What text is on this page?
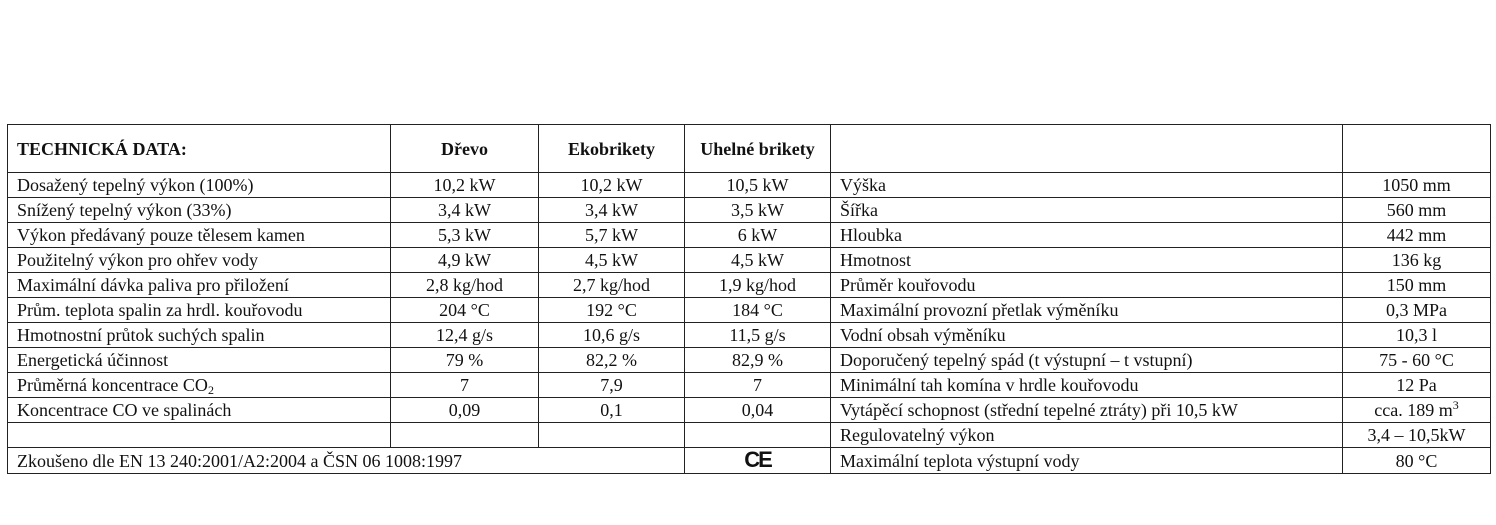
TECHNICKÁ DATA:	Dřevo	Ekobrikety	Uhelné brikety		
Dosažený tepelný výkon (100%)	10,2 kW	10,2 kW	10,5 kW	Výška	1050 mm
Snížený tepelný výkon (33%)	3,4 kW	3,4 kW	3,5 kW	Šířka	560 mm
Výkon předávaný pouze tělesem kamen	5,3 kW	5,7 kW	6 kW	Hloubka	442 mm
Použitelný výkon pro ohřev vody	4,9 kW	4,5 kW	4,5 kW	Hmotnost	136 kg
Maximální dávka paliva pro přiložení	2,8 kg/hod	2,7 kg/hod	1,9 kg/hod	Průměr kouřovodu	150 mm
Prům. teplota spalin za hrdl. kouřovodu	204 °C	192 °C	184 °C	Maximální provozní přetlak výměníku	0,3 MPa
Hmotnostní průtok suchých spalin	12,4 g/s	10,6 g/s	11,5 g/s	Vodní obsah výměníku	10,3 l
Energetická účinnost	79 %	82,2 %	82,9 %	Doporučený tepelný spád (t výstupní – t vstupní)	75 - 60 °C
Průměrná koncentrace $CO_2$	7	7,9	7	Minimální tah komína v hrdle kouřovodu	12 Pa
Koncentrace CO ve spalinách	0,09	0,1	0,04	Vytápěcí schopnost (střední tepelné ztráty) při 10,5 kW	cca. 189 $m^3$
				Regulovatelný výkon	3,4 – 10,5kW
Zkoušeno dle EN 13 240:2001/A2:2004 a ČSN 06 1008:1997			CE	Maximální teplota výstupní vody	80 °C
